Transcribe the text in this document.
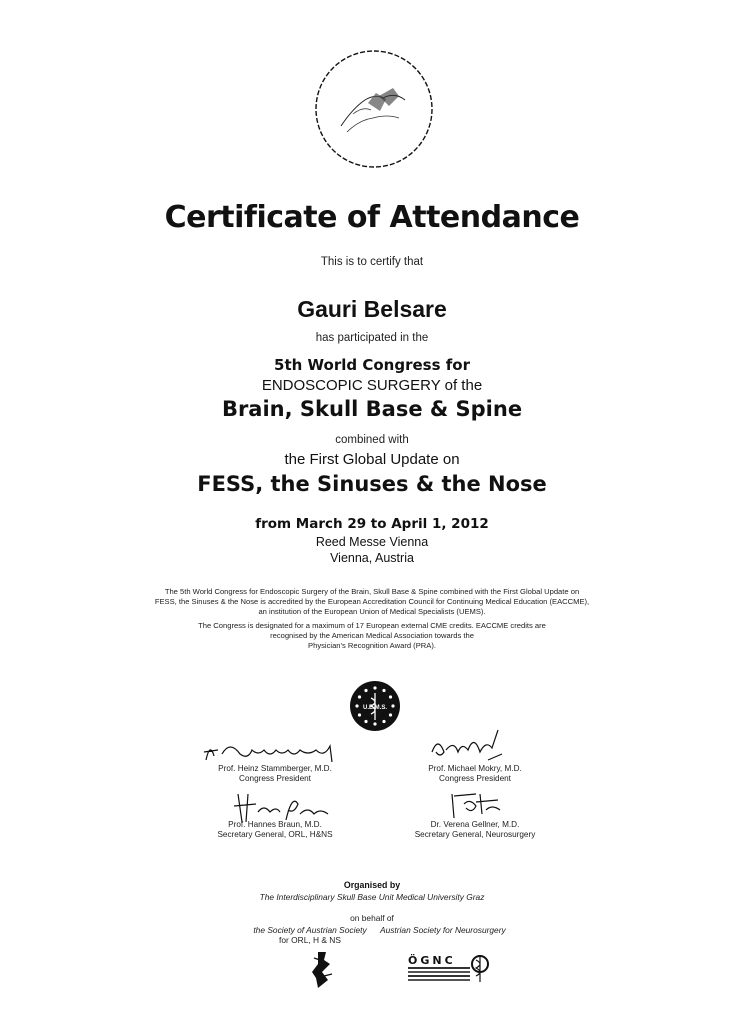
Certificate of Attendance
This is to certify that
Gauri Belsare
has participated in the
5th World Congress for
ENDOSCOPIC SURGERY of the
Brain, Skull Base & Spine
combined with
the First Global Update on
FESS, the Sinuses & the Nose
from March 29 to April 1, 2012
Reed Messe Vienna
Vienna, Austria
The 5th World Congress for Endoscopic Surgery of the Brain, Skull Base & Spine combined with the First Global Update on
FESS, the Sinuses & the Nose is accredited by the European Accreditation Council for Continuing Medical Education (EACCME),
an institution of the European Union of Medical Specialists (UEMS).
The Congress is designated for a maximum of 17 European external CME credits. EACCME credits are
recognised by the American Medical Association towards the
Physician's Recognition Award (PRA).
U.E.M.S.
Prof. Heinz Stammberger, M.D.
Congress President
Prof. Michael Mokry, M.D.
Congress President
Prof. Hannes Braun, M.D.
Secretary General, ORL, H&NS
Dr. Verena Gellner, M.D.
Secretary General, Neurosurgery
Organised by
The Interdisciplinary Skull Base Unit Medical University Graz
on behalf of
the Society of Austrian Society
for ORL, H & NS
Austrian Society for Neurosurgery
ÖGNC
